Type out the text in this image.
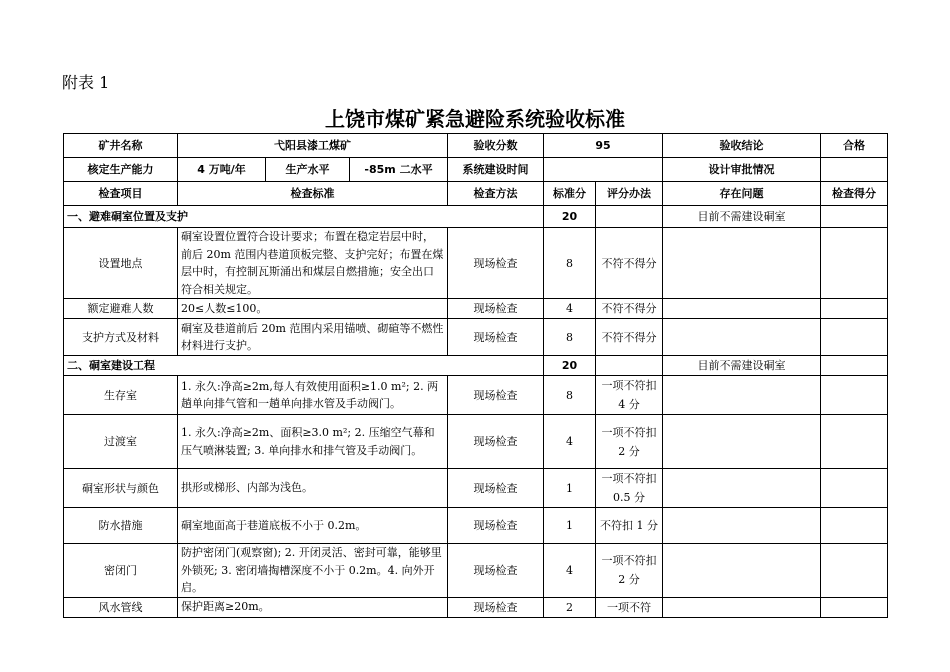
附表 1
上饶市煤矿紧急避险系统验收标准
矿井名称	弋阳县漆工煤矿			验收分数	95		验收结论	合格
核定生产能力	4 万吨/年	生产水平	-85m 二水平	系统建设时间			设计审批情况	
检查项目	检查标准			检查方法	标准分	评分办法	存在问题	检查得分
一、避难硐室位置及支护					20		目前不需建设硐室	
设置地点	硐室设置位置符合设计要求；布置在稳定岩层中时，前后 20m 范围内巷道顶板完整、支护完好；布置在煤层中时，有控制瓦斯涌出和煤层自燃措施；安全出口符合相关规定。			现场检查	8	不符不得分		
额定避难人数	20≤人数≤100。			现场检查	4	不符不得分		
支护方式及材料	硐室及巷道前后 20m 范围内采用锚喷、砌碹等不燃性材料进行支护。			现场检查	8	不符不得分		
二、硐室建设工程					20		目前不需建设硐室	
生存室	1. 永久:净高≥2m,每人有效使用面积≥1.0 m²; 2. 两趟单向排气管和一趟单向排水管及手动阀门。			现场检查	8	一项不符扣 4 分		
过渡室	1. 永久:净高≥2m、面积≥3.0 m²; 2. 压缩空气幕和压气喷淋装置; 3. 单向排水和排气管及手动阀门。			现场检查	4	一项不符扣 2 分		
硐室形状与颜色	拱形或梯形、内部为浅色。			现场检查	1	一项不符扣 0.5 分		
防水措施	硐室地面高于巷道底板不小于 0.2m。			现场检查	1	不符扣 1 分		
密闭门	防护密闭门(观察窗); 2. 开闭灵活、密封可靠，能够里外锁死; 3. 密闭墙掏槽深度不小于 0.2m。4. 向外开启。			现场检查	4	一项不符扣 2 分		
风水管线	保护距离≥20m。			现场检查	2	一项不符		
